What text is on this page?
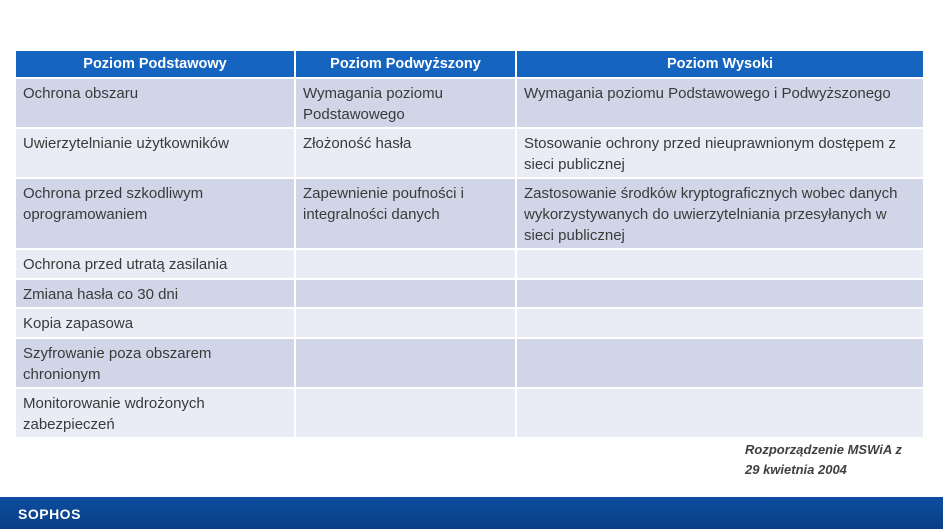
Poziom Podstawowy	Poziom Podwyższony	Poziom Wysoki
Ochrona obszaru	Wymagania poziomu Podstawowego	Wymagania poziomu Podstawowego i Podwyższonego
Uwierzytelnianie użytkowników	Złożoność hasła	Stosowanie ochrony przed nieuprawnionym dostępem z sieci publicznej
Ochrona przed szkodliwym oprogramowaniem	Zapewnienie poufności i integralności danych	Zastosowanie środków kryptograficznych wobec danych wykorzystywanych do uwierzytelniania przesyłanych w sieci publicznej
Ochrona przed utratą zasilania		
Zmiana hasła co 30 dni		
Kopia zapasowa		
Szyfrowanie poza obszarem chronionym		
Monitorowanie wdrożonych zabezpieczeń		
Rozporządzenie MSWiA z
29 kwietnia 2004
SOPHOS
